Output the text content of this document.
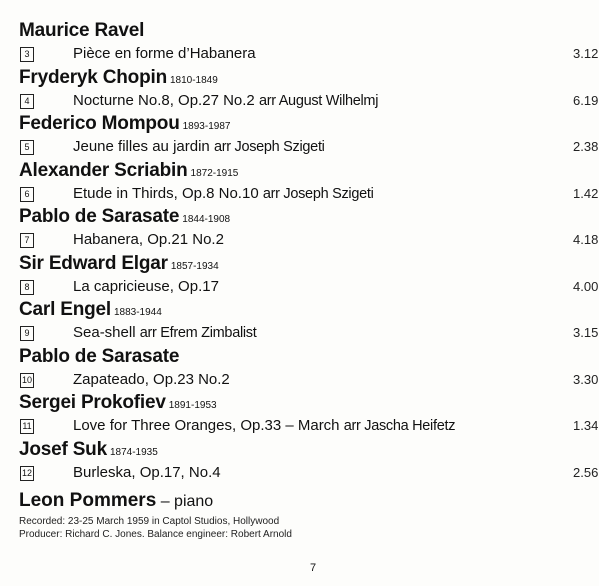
Maurice Ravel
3	Pièce en forme d’Habanera	3.12
Fryderyk Chopin 1810-1849
4	Nocturne No.8, Op.27 No.2 arr August Wilhelmj	6.19
Federico Mompou 1893-1987
5	Jeune filles au jardin arr Joseph Szigeti	2.38
Alexander Scriabin 1872-1915
6	Etude in Thirds, Op.8 No.10 arr Joseph Szigeti	1.42
Pablo de Sarasate 1844-1908
7	Habanera, Op.21 No.2	4.18
Sir Edward Elgar 1857-1934
8	La capricieuse, Op.17	4.00
Carl Engel 1883-1944
9	Sea-shell arr Efrem Zimbalist	3.15
Pablo de Sarasate
10	Zapateado, Op.23 No.2	3.30
Sergei Prokofiev 1891-1953
11	Love for Three Oranges, Op.33 – March arr Jascha Heifetz	1.34
Josef Suk 1874-1935
12	Burleska, Op.17, No.4	2.56
Leon Pommers – piano
Recorded: 23-25 March 1959 in Captol Studios, Hollywood
Producer: Richard C. Jones. Balance engineer: Robert Arnold
7
